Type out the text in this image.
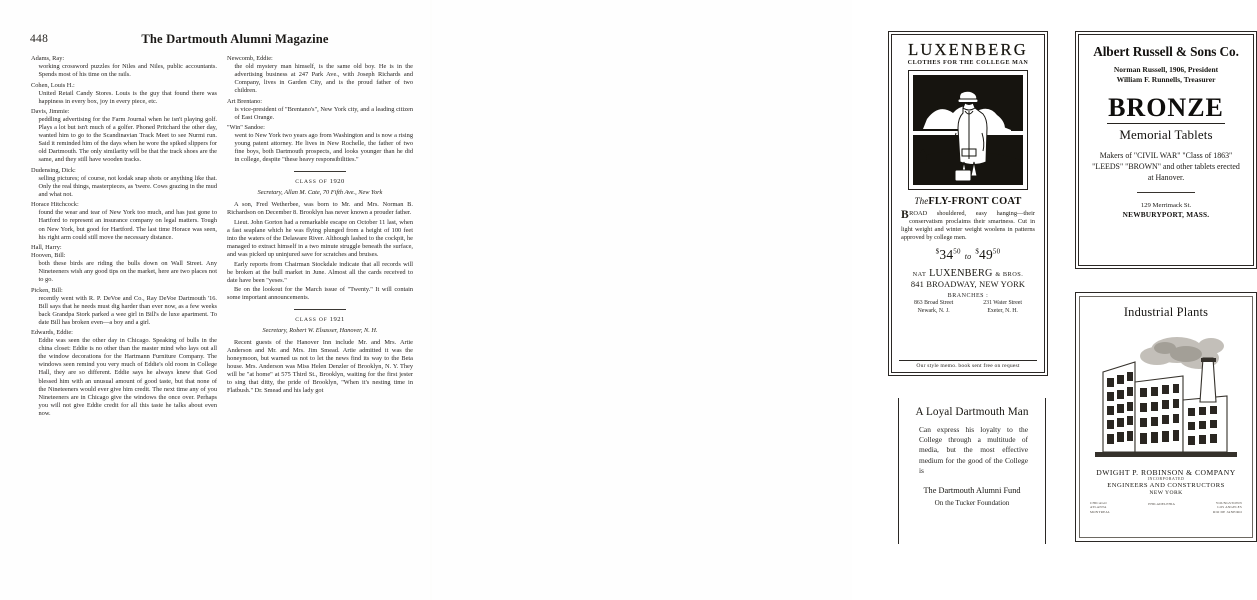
448	The Dartmouth Alumni Magazine
Adams, Ray:
working crossword puzzles for Niles and Niles, public accountants. Spends most of his time on the rails.
Cohen, Louis H.:
United Retail Candy Stores. Louis is the guy that found there was happiness in every box, joy in every piece, etc.
Davis, Jimmie:
peddling advertising for the Farm Journal when he isn't playing golf. Plays a lot but isn't much of a golfer. Phoned Pritchard the other day, wanted him to go to the Scandinavian Track Meet to see Nurmi run. Said it reminded him of the days when he wore the spiked slippers for old Dartmouth. The only similarity will be that the track shoes are the same, and they still have wooden tracks.
Dudensing, Dick:
selling pictures; of course, not kodak snap shots or anything like that. Only the real things, masterpieces, as 'twere. Cows grazing in the mud and what not.
Horace Hitchcock:
found the wear and tear of New York too much, and has just gone to Hartford to represent an insurance company on legal matters. Tough on New York, but good for Hartford. The last time Horace was seen, his right arm could still move the necessary distance.
Hall, Harry:
Hooven, Bill:
both these birds are riding the bulls down on Wall Street. Any Nineteeners wish any good tips on the market, here are two places not to go.
Picken, Bill:
recently went with R. P. DeVoe and Co., Ray DeVoe Dartmouth '16. Bill says that he needs must dig harder than ever now, as a few weeks back Grandpa Stork parked a wee girl in Bill's de luxe apartment. To date Bill has broken even—a boy and a girl.
Edwards, Eddie:
Eddie was seen the other day in Chicago. Speaking of bulls in the china closet: Eddie is no other than the master mind who lays out all the window decorations for the Hartmann Furniture Company. The windows seen remind you very much of Eddie's old room in College Hall, they are so different. Eddie says he always knew that God blessed him with an unusual amount of good taste, but that none of the Nineteeners would ever give him credit. The next time any of you Nineteeners are in Chicago give the windows the once over. Perhaps you will not give Eddie credit for all this taste he talks about even now.
Newcomb, Eddie:
the old mystery man himself, is the same old boy. He is in the advertising business at 247 Park Ave., with Joseph Richards and Company, lives in Garden City, and is the proud father of two children.
Art Brentano:
is vice-president of "Brentano's", New York city, and a leading citizen of East Orange.
"Win" Sandoe:
went to New York two years ago from Washington and is now a rising young patent attorney. He lives in New Rochelle, the father of two fine boys, both Dartmouth prospects, and looks younger than he did in college, despite "these heavy responsibilities."
CLASS OF 1920
Secretary, Allan M. Cate, 70 Fifth Ave., New York
A son, Fred Wetherbee, was born to Mr. and Mrs. Norman B. Richardson on December 8. Brooklyn has never known a prouder father.
Lieut. John Gorton had a remarkable escape on October 11 last, when a fast seaplane which he was flying plunged from a height of 100 feet into the waters of the Delaware River. Although lashed to the cockpit, he managed to extract himself in a two minute struggle beneath the surface, and was picked up uninjured save for scratches and bruises.
Early reports from Chairman Stockdale indicate that all records will be broken at the bull market in June. Almost all the cards received to date have been "yeses."
Be on the lookout for the March issue of "Twenty." It will contain some important announcements.
CLASS OF 1921
Secretary, Robert W. Elsasser, Hanover, N. H.
Recent guests of the Hanover Inn include Mr. and Mrs. Artie Anderson and Mr. and Mrs. Jim Smead. Artie admitted it was the honeymoon, but warned us not to let the news find its way to the Beta house. Mrs. Anderson was Miss Helen Denzler of Brooklyn, N. Y. They will be "at home" at 575 Third St., Brooklyn, waiting for the first jester to sing that ditty, the pride of Brooklyn, "When it's nesting time in Flatbush." Dr. Smead and his lady got
LUXENBERG
CLOTHES FOR THE COLLEGE MAN
TheFLY-FRONT COAT
BROAD shouldered, easy hanging—their conservatism proclaims their smartness. Cut in light weight and winter weight woolens in patterns approved by college men.
$^{\$}34^{50}to^{\$}49^{50}$
NAT LUXENBERG & BROS.
841 BROADWAY, NEW YORK
BRANCHES :
863 Broad Street
Newark, N. J.
231 Water Street
Exeter, N. H.
Our style memo. book sent free on request
A Loyal Dartmouth Man
Can express his loyalty to the College through a multitude of media, but the most effective medium for the good of the College is
The Dartmouth Alumni Fund
On the Tucker Foundation
Albert Russell & Sons Co.
Norman Russell, 1906, President
William F. Runnells, Treasurer
BRONZE
Memorial Tablets
Makers of "CIVIL WAR" "Class of 1863" "LEEDS" "BROWN" and other tablets erected at Hanover.
129 Merrimack St.
NEWBURYPORT, MASS.
Industrial Plants
DWIGHT P. ROBINSON & COMPANY
INCORPORATED
ENGINEERS AND CONSTRUCTORS
NEW YORK
CHICAGO
ATLANTA
MONTREAL
PHILADELPHIA	YOUNGSTOWN
LOS ANGELES
RIO DE JANEIRO
